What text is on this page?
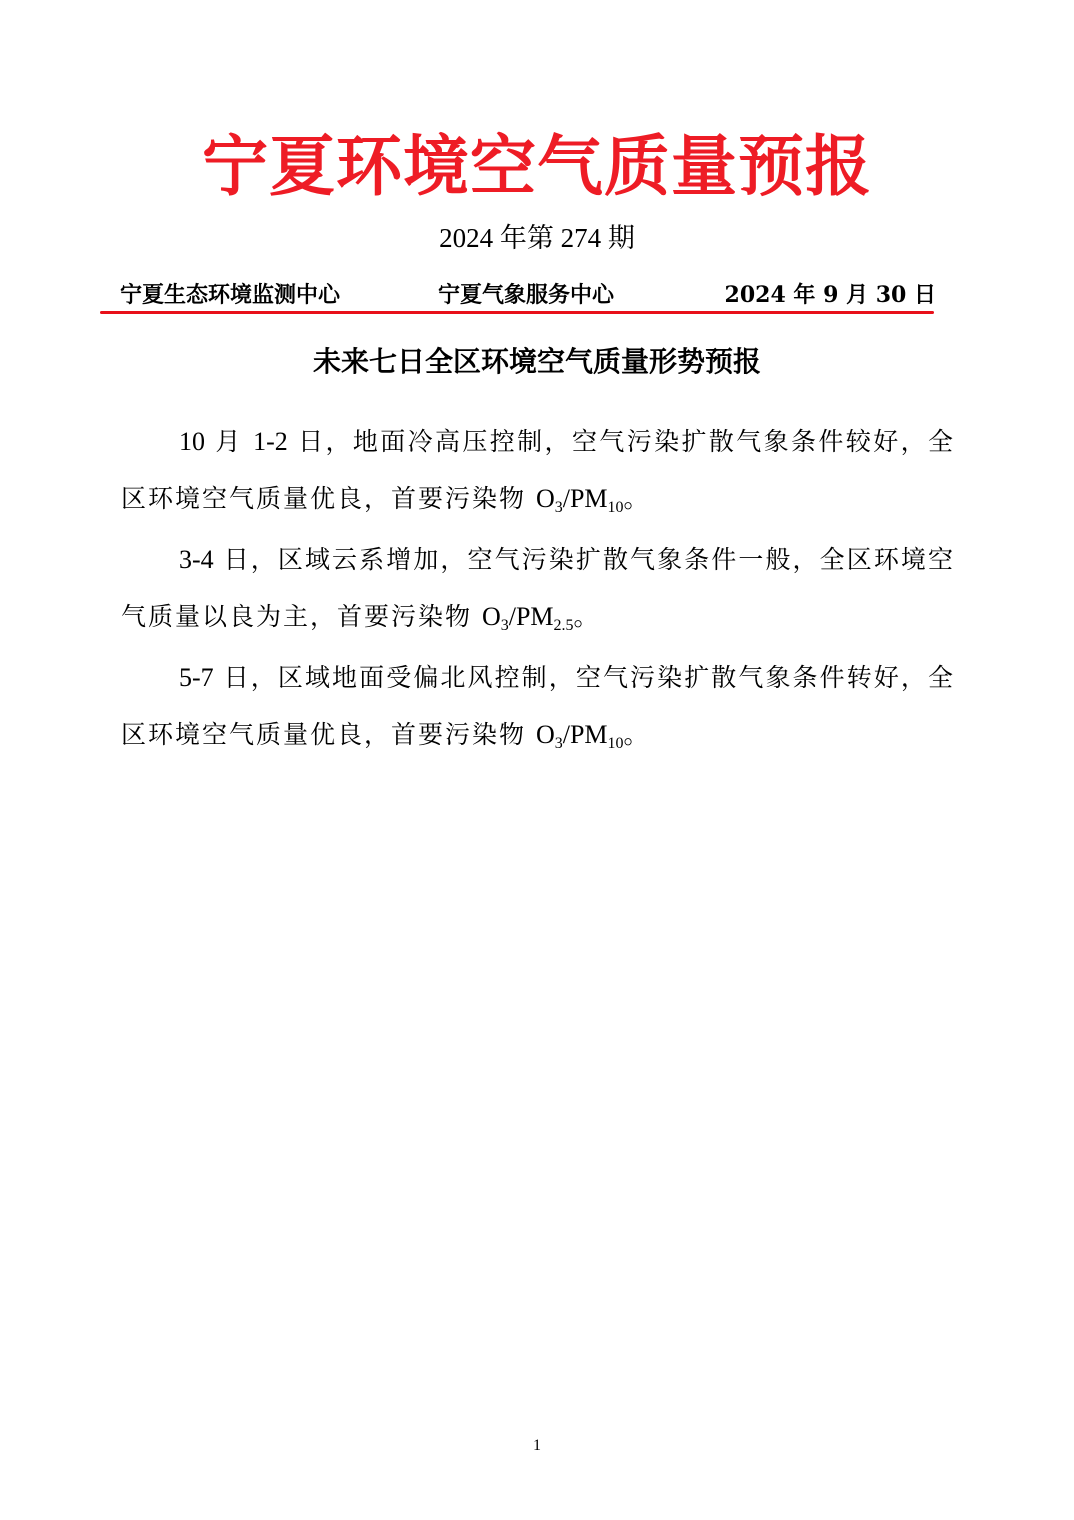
宁夏环境空气质量预报
2024 年第 274 期
宁夏生态环境监测中心	宁夏气象服务中心	2024 年 9 月 30 日
未来七日全区环境空气质量形势预报

10 月 1-2 日，地面冷高压控制，空气污染扩散气象条件较好，全区环境空气质量优良，首要污染物 $O_3/PM_{10}$。

3-4 日，区域云系增加，空气污染扩散气象条件一般，全区环境空气质量以良为主，首要污染物 $O_3/PM_{2.5}$。

5-7 日，区域地面受偏北风控制，空气污染扩散气象条件转好，全区环境空气质量优良，首要污染物 $O_3/PM_{10}$。

1
